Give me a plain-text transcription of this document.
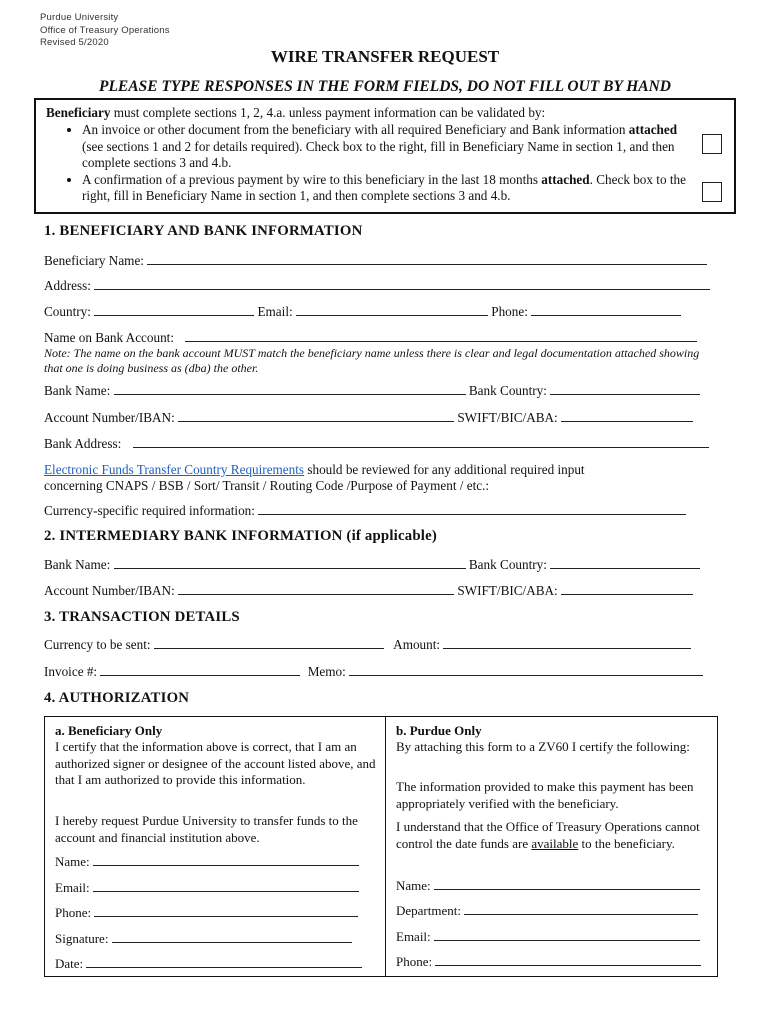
Purdue University
Office of Treasury Operations
Revised 5/2020
WIRE TRANSFER REQUEST
PLEASE TYPE RESPONSES IN THE FORM FIELDS, DO NOT FILL OUT BY HAND
Beneficiary must complete sections 1, 2, 4.a. unless payment information can be validated by:
• An invoice or other document from the beneficiary with all required Beneficiary and Bank information attached (see sections 1 and 2 for details required). Check box to the right, fill in Beneficiary Name in section 1, and then complete sections 3 and 4.b.
• A confirmation of a previous payment by wire to this beneficiary in the last 18 months attached. Check box to the right, fill in Beneficiary Name in section 1, and then complete sections 3 and 4.b.
1. BENEFICIARY AND BANK INFORMATION
Beneficiary Name:
Address:
Country:	Email:	Phone:
Name on Bank Account:
Note: The name on the bank account MUST match the beneficiary name unless there is clear and legal documentation attached showing that one is doing business as (dba) the other.
Bank Name:	Bank Country:
Account Number/IBAN:	SWIFT/BIC/ABA:
Bank Address:
Electronic Funds Transfer Country Requirements should be reviewed for any additional required input
concerning CNAPS / BSB / Sort/ Transit / Routing Code /Purpose of Payment / etc.:
Currency-specific required information:
2. INTERMEDIARY BANK INFORMATION (if applicable)
Bank Name:	Bank Country:
Account Number/IBAN:	SWIFT/BIC/ABA:
3. TRANSACTION DETAILS
Currency to be sent:	Amount:
Invoice #:	Memo:
4. AUTHORIZATION
a. Beneficiary Only
I certify that the information above is correct, that I am an authorized signer or designee of the account listed above, and that I am authorized to provide this information.
I hereby request Purdue University to transfer funds to the account and financial institution above.
Name:
Email:
Phone:
Signature:
Date:
b. Purdue Only
By attaching this form to a ZV60 I certify the following:
The information provided to make this payment has been appropriately verified with the beneficiary.
I understand that the Office of Treasury Operations cannot control the date funds are available to the beneficiary.
Name:
Department:
Email:
Phone:
